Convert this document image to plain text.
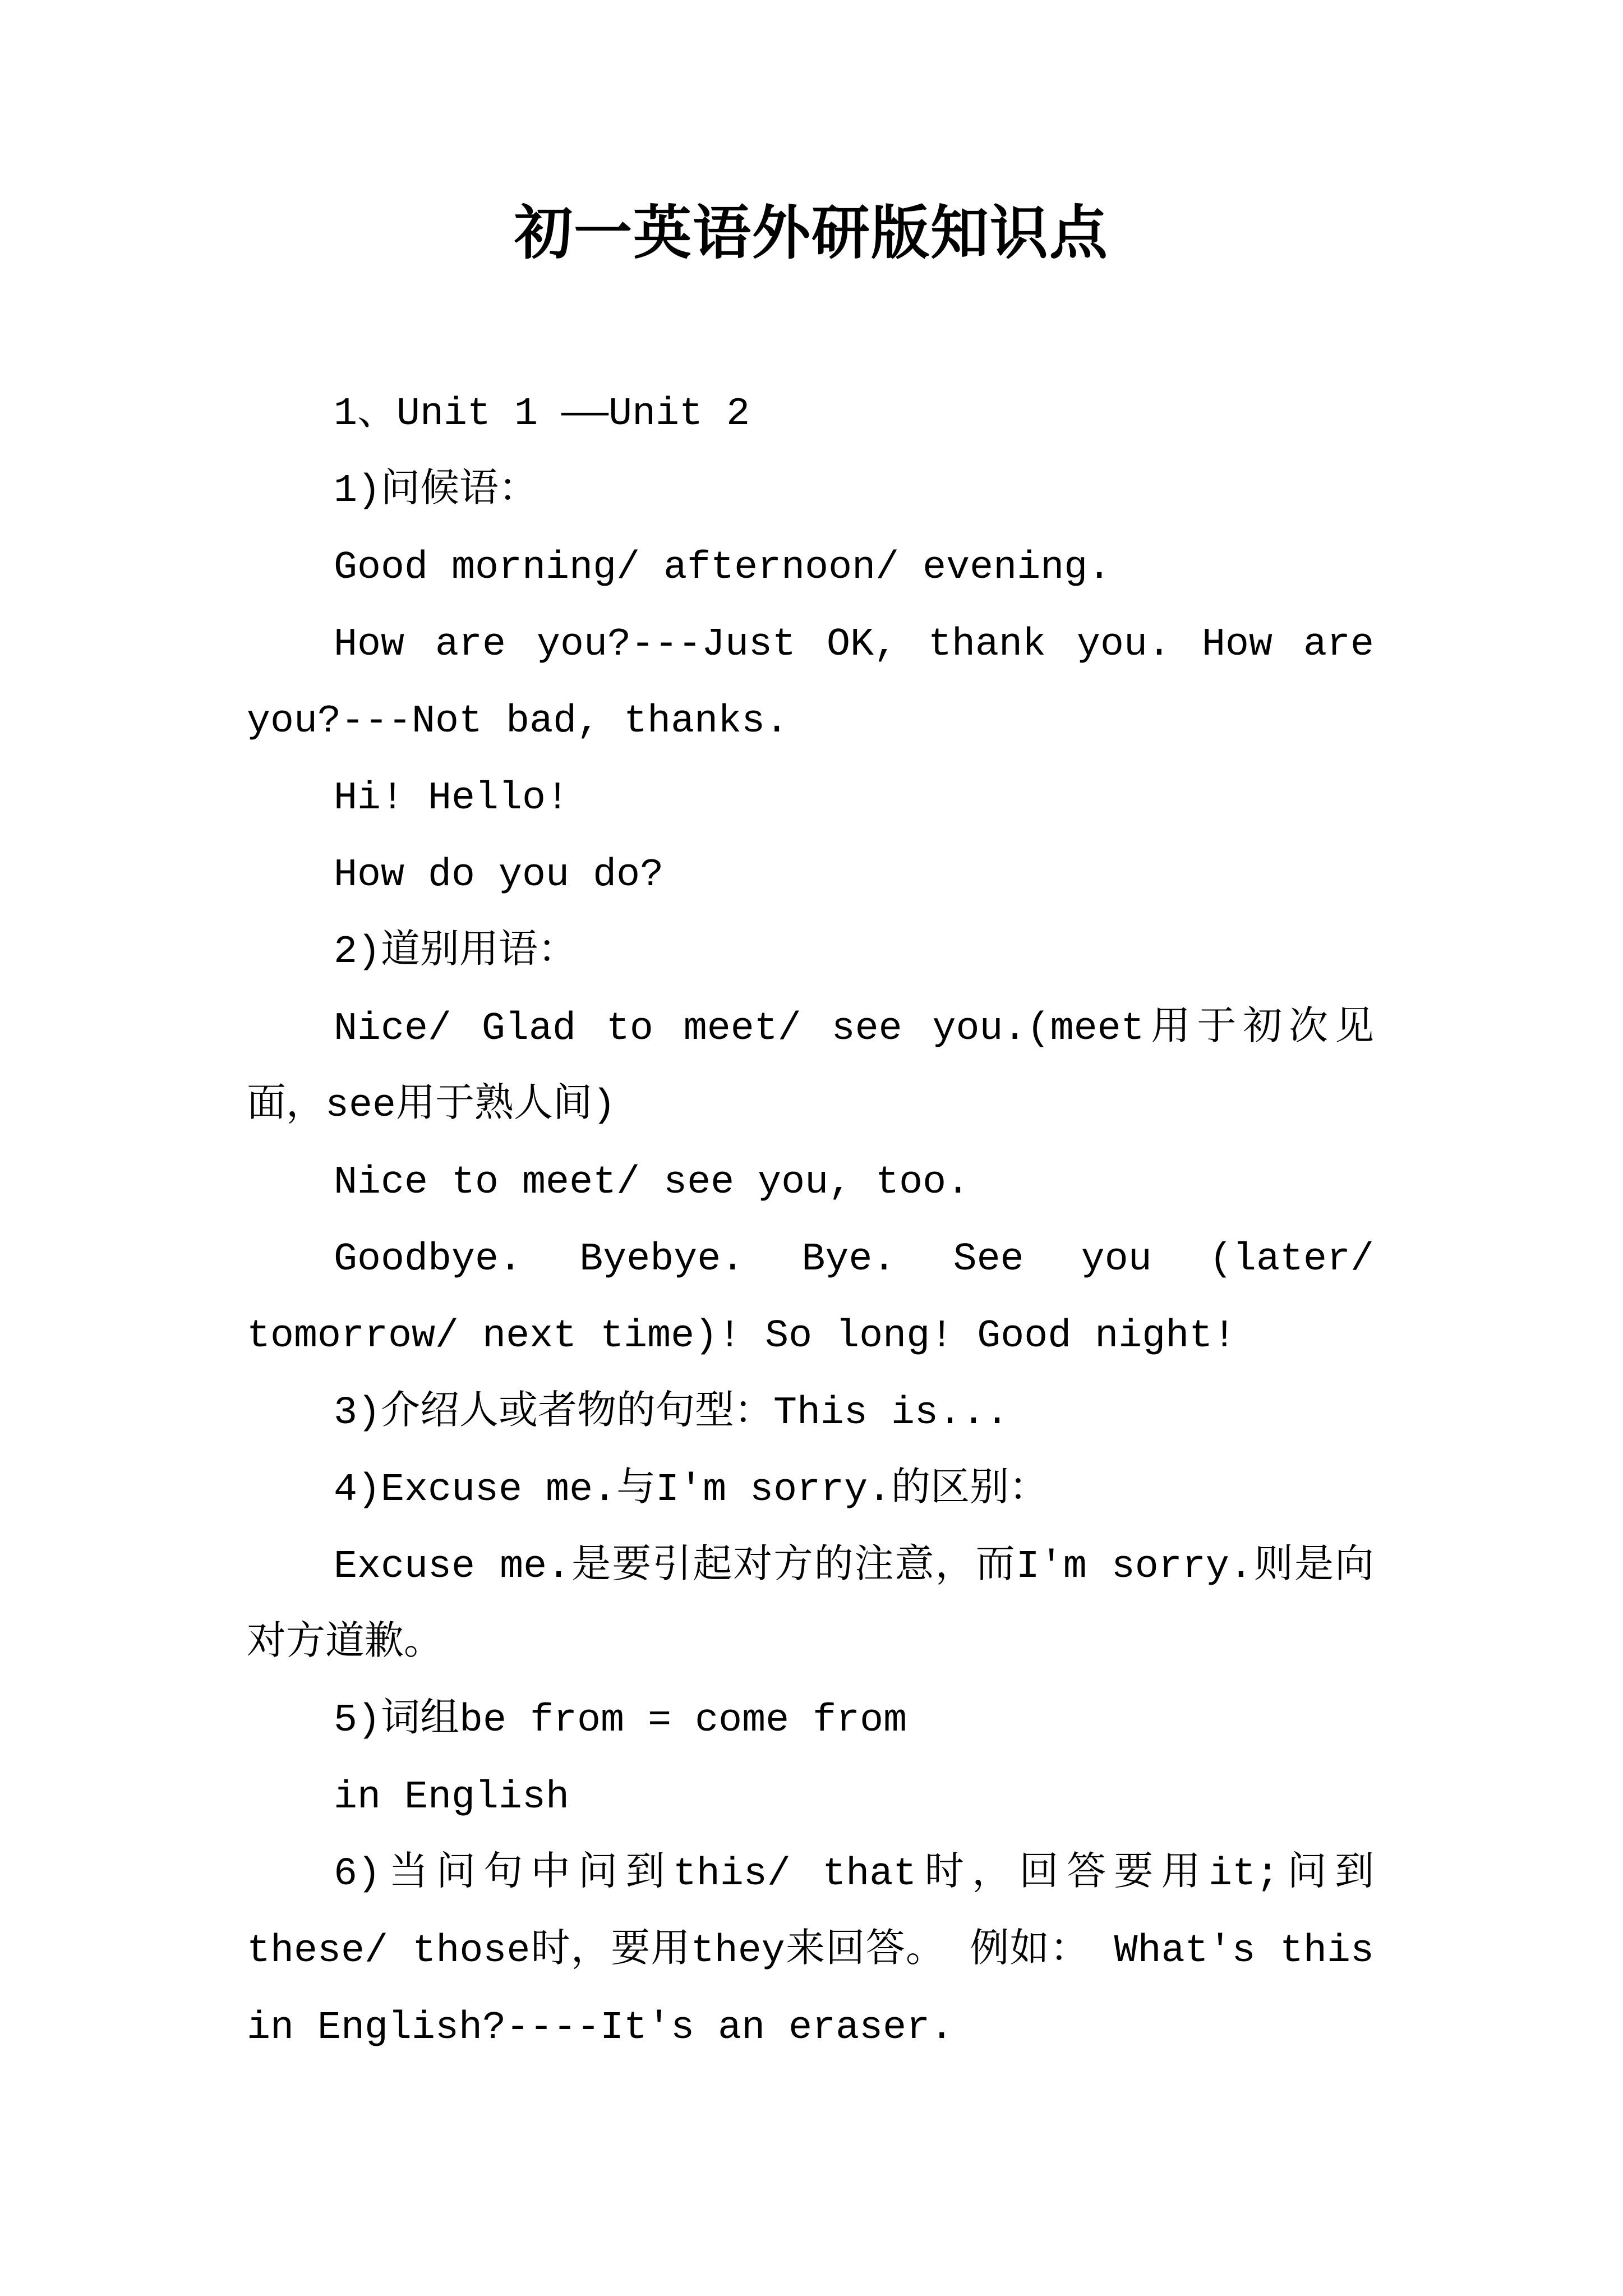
初一英语外研版知识点

1、Unit 1 ——Unit 2

1)问候语：

Good morning/ afternoon/ evening.

How are you?---Just OK, thank you. How are you?---Not bad, thanks.

Hi! Hello!

How do you do?

2)道别用语：

Nice/ Glad to meet/ see you.(meet用于初次见面，see用于熟人间)

Nice to meet/ see you, too.

Goodbye. Byebye. Bye. See you (later/ tomorrow/ next time)! So long! Good night!

3)介绍人或者物的句型：This is...

4)Excuse me.与I'm sorry.的区别：

Excuse me.是要引起对方的注意，而I'm sorry.则是向对方道歉。

5)词组be from = come from

in English

6)当问句中问到this/ that时，回答要用it;问到these/ those时，要用they来回答。 例如： What's this in English?----It's an eraser.
